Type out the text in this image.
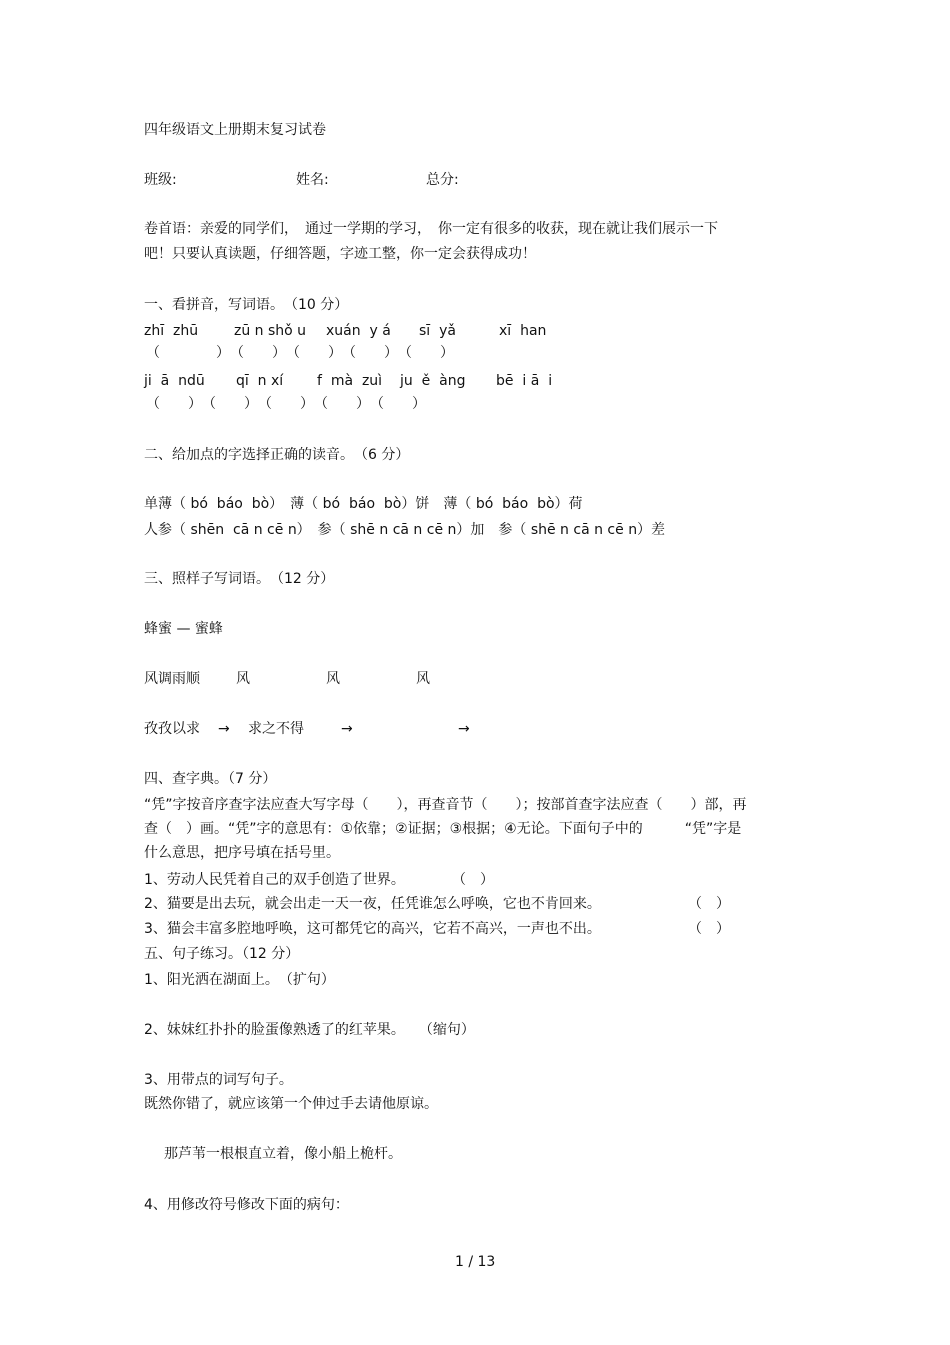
四年级语文上册期末复习试卷
班级:	姓名:	总分:
卷首语：亲爱的同学们，　通过一学期的学习，　你一定有很多的收获，现在就让我们展示一下
吧！只要认真读题，仔细答题，字迹工整，你一定会获得成功！
一、看拼音，写词语。　（10 分）
zhī  zhū	zū n shǒ u xuán  y á sī  yǎ	xī  han
（　　　　）　（　　）　（　　）　（　　）　（　　）
ji  ā  ndū qī  n xí f  mà  zuì ju  ě  àng bē  i ā  i
（　　）　（　　）　（　　）　（　　）　（　　）
二、给加点的字选择正确的读音。　（6 分）
单薄（ bó  báo  bò）　薄（ bó  báo  bò）饼　薄（ bó  báo  bò）荷
人参（ shēn  cā n cē n）　参（ shē n cā n cē n）加　参（ shē n cā n cē n）差
三、照样子写词语。　（12 分）
蜂蜜 — 蜜蜂
风调雨顺	风	风	风
孜孜以求 → 求之不得	→	→
四、查字典。（7 分）
“凭”字按音序查字法应查大写字母（　　），再查音节（　　）；按部首查字法应查（　　）部，再
查（　）画。“凭”字的意思有：①依靠；②证据；③根据；④无论。下面句子中的　　　“凭”字是
什么意思，把序号填在括号里。
1、劳动人民凭着自己的双手创造了世界。	（　）
2、猫要是出去玩，就会出走一天一夜，任凭谁怎么呼唤，它也不肯回来。	（　）
3、猫会丰富多腔地呼唤，这可都凭它的高兴，它若不高兴，一声也不出。	（　）
五、句子练习。（12 分）
1、阳光洒在湖面上。　（扩句）
2、妹妹红扑扑的脸蛋像熟透了的红苹果。　　（缩句）
3、用带点的词写句子。
既然你错了，就应该第一个伸过手去请他原谅。
那芦苇一根根直立着，像小船上桅杆。
4、用修改符号修改下面的病句：
1 / 13
